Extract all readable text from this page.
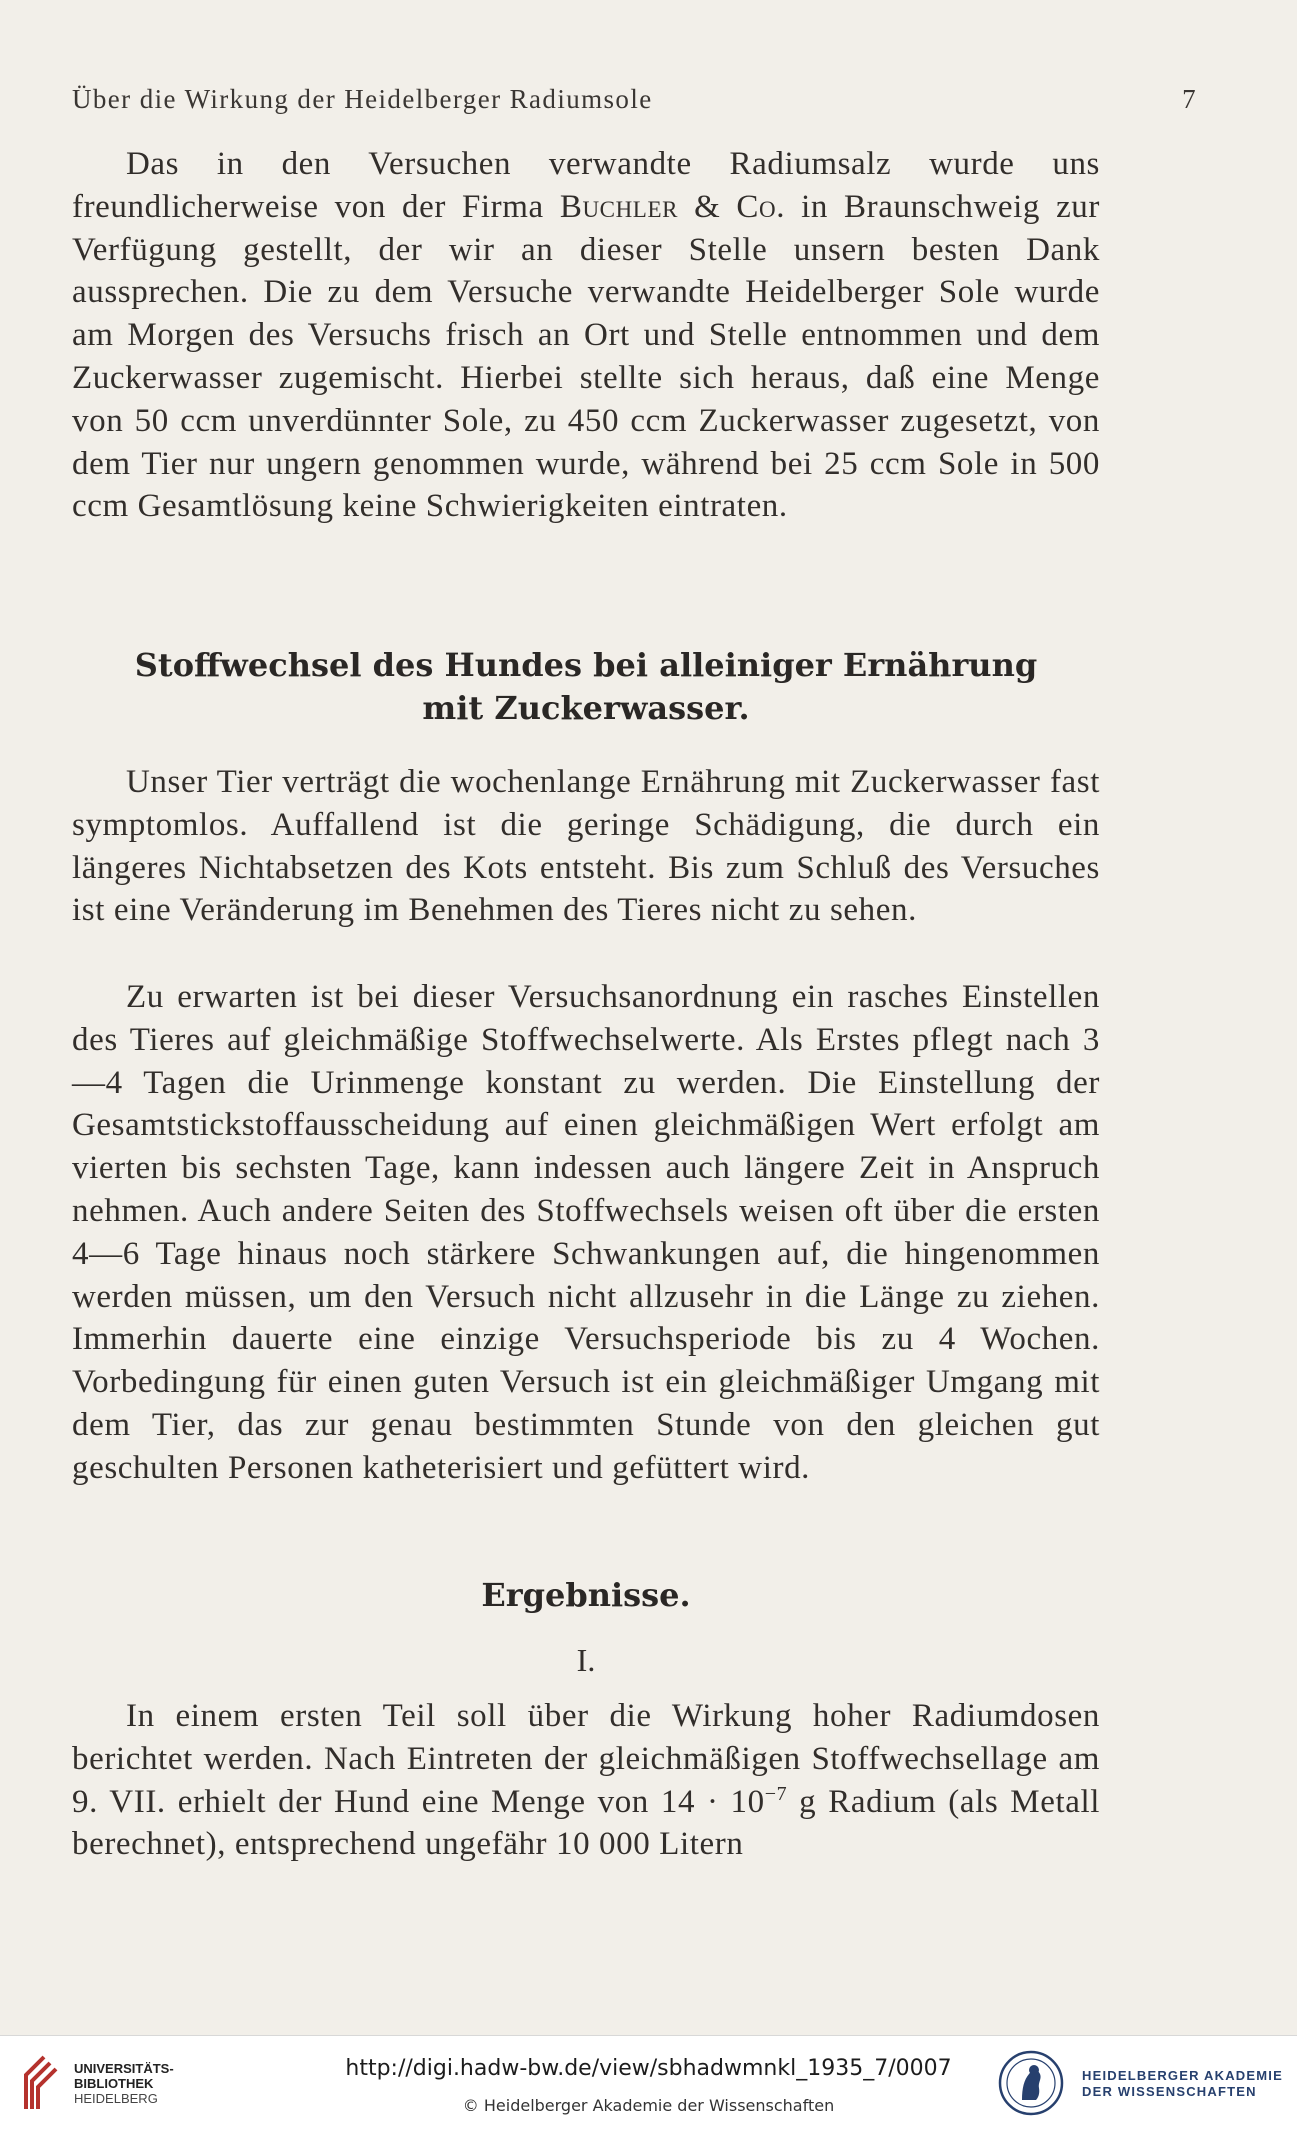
Über die Wirkung der Heidelberger Radiumsole	7

Das in den Versuchen verwandte Radiumsalz wurde uns freundlicherweise von der Firma Buchler & Co. in Braunschweig zur Verfügung gestellt, der wir an dieser Stelle unsern besten Dank aussprechen. Die zu dem Versuche verwandte Heidelberger Sole wurde am Morgen des Versuchs frisch an Ort und Stelle entnommen und dem Zuckerwasser zugemischt. Hierbei stellte sich heraus, daß eine Menge von 50 ccm unverdünnter Sole, zu 450 ccm Zuckerwasser zugesetzt, von dem Tier nur ungern genommen wurde, während bei 25 ccm Sole in 500 ccm Gesamtlösung keine Schwierigkeiten eintraten.

Stoffwechsel des Hundes bei alleiniger Ernährung
mit Zuckerwasser.

Unser Tier verträgt die wochenlange Ernährung mit Zuckerwasser fast symptomlos. Auffallend ist die geringe Schädigung, die durch ein längeres Nichtabsetzen des Kots entsteht. Bis zum Schluß des Versuches ist eine Veränderung im Benehmen des Tieres nicht zu sehen.

Zu erwarten ist bei dieser Versuchsanordnung ein rasches Einstellen des Tieres auf gleichmäßige Stoffwechselwerte. Als Erstes pflegt nach 3—4 Tagen die Urinmenge konstant zu werden. Die Einstellung der Gesamtstickstoffausscheidung auf einen gleichmäßigen Wert erfolgt am vierten bis sechsten Tage, kann indessen auch längere Zeit in Anspruch nehmen. Auch andere Seiten des Stoffwechsels weisen oft über die ersten 4—6 Tage hinaus noch stärkere Schwankungen auf, die hingenommen werden müssen, um den Versuch nicht allzusehr in die Länge zu ziehen. Immerhin dauerte eine einzige Versuchsperiode bis zu 4 Wochen. Vorbedingung für einen guten Versuch ist ein gleichmäßiger Umgang mit dem Tier, das zur genau bestimmten Stunde von den gleichen gut geschulten Personen katheterisiert und gefüttert wird.

Ergebnisse.
I.

In einem ersten Teil soll über die Wirkung hoher Radiumdosen berichtet werden. Nach Eintreten der gleichmäßigen Stoffwechsellage am 9. VII. erhielt der Hund eine Menge von $14 \cdot 10^{-7}$ g Radium (als Metall berechnet), entsprechend ungefähr 10 000 Litern

UNIVERSITÄTS-
BIBLIOTHEK
HEIDELBERG
http://digi.hadw-bw.de/view/sbhadwmnkl_1935_7/0007
© Heidelberger Akademie der Wissenschaften
HEIDELBERGER AKADEMIE
DER WISSENSCHAFTEN
